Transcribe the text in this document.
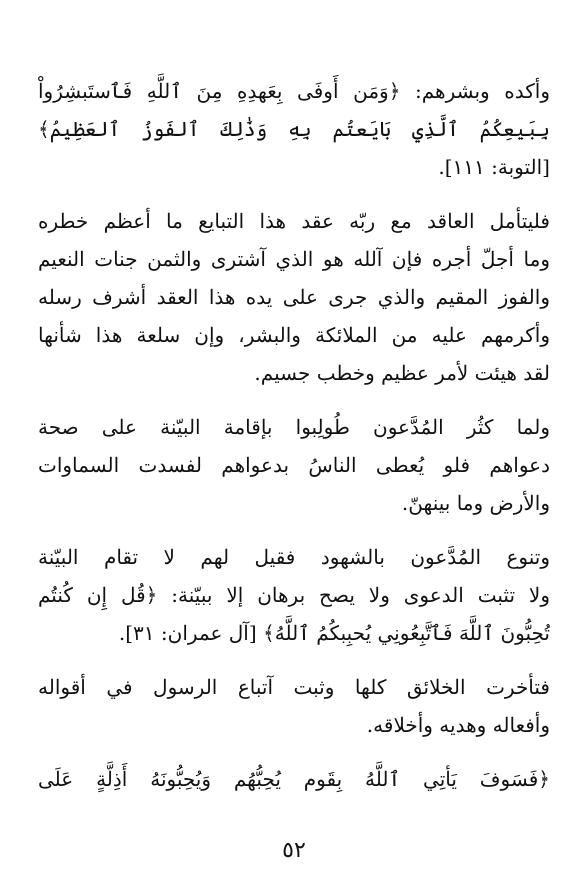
وأكده وبشرهم: ﴿وَمَن أَوفَى بِعَهدِهِ مِنَ ٱللَّهِ فَٱستَبشِرُواْ
بِبَيعِكُمُ ٱلَّذِي بَايَعتُم بِهِ وَذَٰلِكَ ٱلفَوزُ ٱلعَظِيمُ﴾
[التوبة: ١١١].

فليتأمل العاقد مع ربّه عقد هذا التبايع ما أعظم خطره
وما أجلّ أجره فإن آلله هو الذي آشترى والثمن جنات النعيم
والفوز المقيم والذي جرى على يده هذا العقد أشرف رسله
وأكرمهم عليه من الملائكة والبشر، وإن سلعة هذا شأنها
لقد هيئت لأمر عظيم وخطب جسيم.

ولما كثُر المُدَّعون طُولِبوا بإقامة البيّنة على صحة
دعواهم فلو يُعطى الناسُ بدعواهم لفسدت السماوات
والأرض وما بينهنّ.

وتنوع المُدَّعون بالشهود فقيل لهم لا تقام البيّنة
ولا تثبت الدعوى ولا يصح برهان إلا ببيّنة: ﴿قُل إِن كُنتُم
تُحِبُّونَ ٱللَّهَ فَٱتَّبِعُونِي يُحبِبكُمُ ٱللَّهُ﴾ [آل عمران: ٣١].

فتأخرت الخلائق كلها وثبت آتباع الرسول في أقواله
وأفعاله وهديه وأخلاقه.

﴿فَسَوفَ يَأتِي ٱللَّهُ بِقَوم يُحِبُّهُم وَيُحِبُّونَهُ أَذِلَّةٍ عَلَى

٥٢
